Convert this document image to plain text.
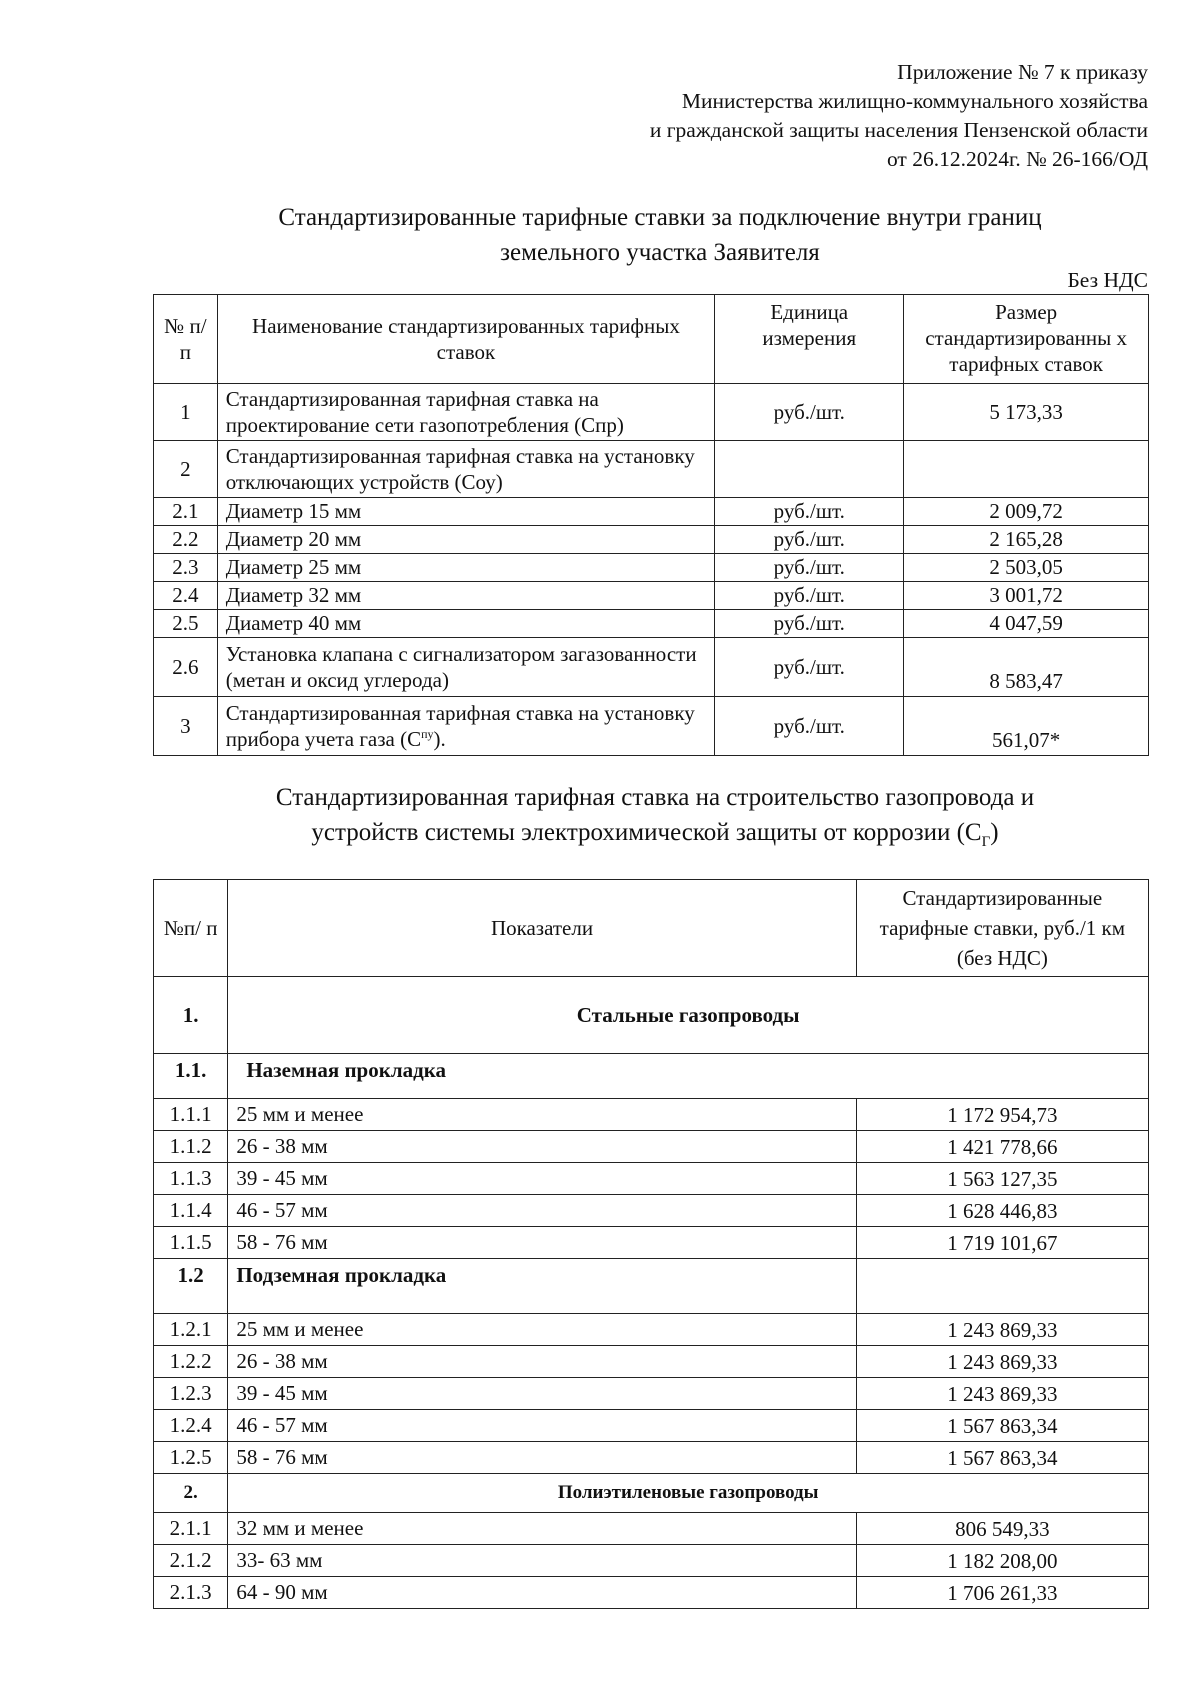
Приложение № 7 к приказу
Министерства жилищно-коммунального хозяйства
и гражданской защиты населения Пензенской области
от 26.12.2024г. № 26-166/ОД
Стандартизированные тарифные ставки за подключение внутри границ
земельного участка Заявителя
Без НДС
№ п/п	Наименование стандартизированных тарифных ставок	Единица измерения	Размер стандартизированны х тарифных ставок
1	Стандартизированная тарифная ставка на проектирование сети газопотребления (Спр)	руб./шт.	5 173,33
2	Стандартизированная тарифная ставка на установку отключающих устройств (Соу)		
2.1	Диаметр 15 мм	руб./шт.	2 009,72
2.2	Диаметр 20 мм	руб./шт.	2 165,28
2.3	Диаметр 25 мм	руб./шт.	2 503,05
2.4	Диаметр 32 мм	руб./шт.	3 001,72
2.5	Диаметр 40 мм	руб./шт.	4 047,59
2.6	Установка клапана с сигнализатором загазованности (метан и оксид углерода)	руб./шт.	8 583,47
3	Стандартизированная тарифная ставка на установку прибора учета газа $(С^{пу})$.	руб./шт.	561,07*
Стандартизированная тарифная ставка на строительство газопровода и
устройств системы электрохимической защиты от коррозии $(С_Г)$
№п/ п	Показатели	Стандартизированные тарифные ставки, руб./1 км (без НДС)
1.	Стальные газопроводы	
1.1.	Наземная прокладка	
1.1.1	25 мм и менее	1 172 954,73
1.1.2	26 - 38 мм	1 421 778,66
1.1.3	39 - 45 мм	1 563 127,35
1.1.4	46 - 57 мм	1 628 446,83
1.1.5	58 - 76 мм	1 719 101,67
1.2	Подземная прокладка	
1.2.1	25 мм и менее	1 243 869,33
1.2.2	26 - 38 мм	1 243 869,33
1.2.3	39 - 45 мм	1 243 869,33
1.2.4	46 - 57 мм	1 567 863,34
1.2.5	58 - 76 мм	1 567 863,34
2.	Полиэтиленовые газопроводы	
2.1.1	32 мм и менее	806 549,33
2.1.2	33- 63 мм	1 182 208,00
2.1.3	64 - 90 мм	1 706 261,33
